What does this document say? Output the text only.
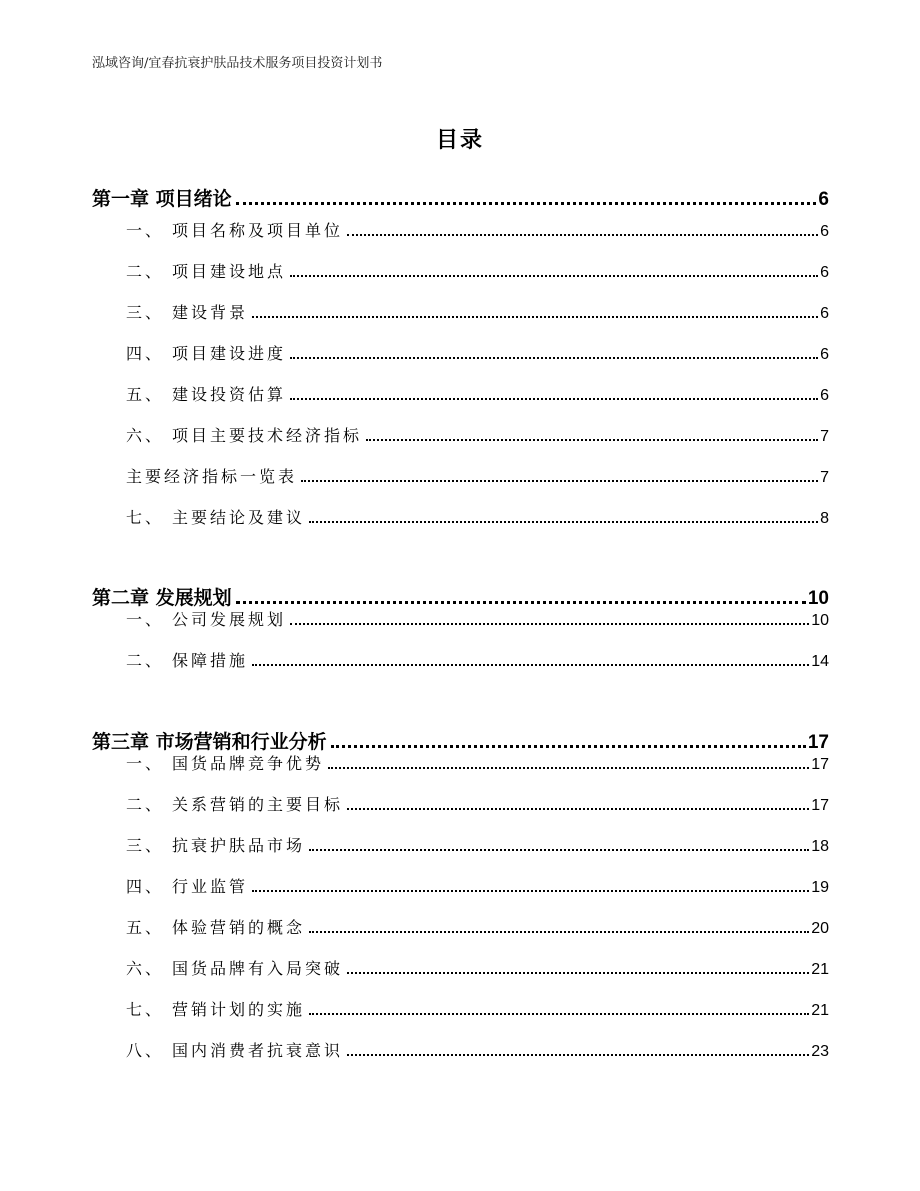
泓域咨询/宜春抗衰护肤品技术服务项目投资计划书
目录
第一章 项目绪论	6
一、 项目名称及项目单位	6
二、 项目建设地点	6
三、 建设背景	6
四、 项目建设进度	6
五、 建设投资估算	6
六、 项目主要技术经济指标	7
主要经济指标一览表	7
七、 主要结论及建议	8
第二章 发展规划	10
一、 公司发展规划	10
二、 保障措施	14
第三章 市场营销和行业分析	17
一、 国货品牌竞争优势	17
二、 关系营销的主要目标	17
三、 抗衰护肤品市场	18
四、 行业监管	19
五、 体验营销的概念	20
六、 国货品牌有入局突破	21
七、 营销计划的实施	21
八、 国内消费者抗衰意识	23
